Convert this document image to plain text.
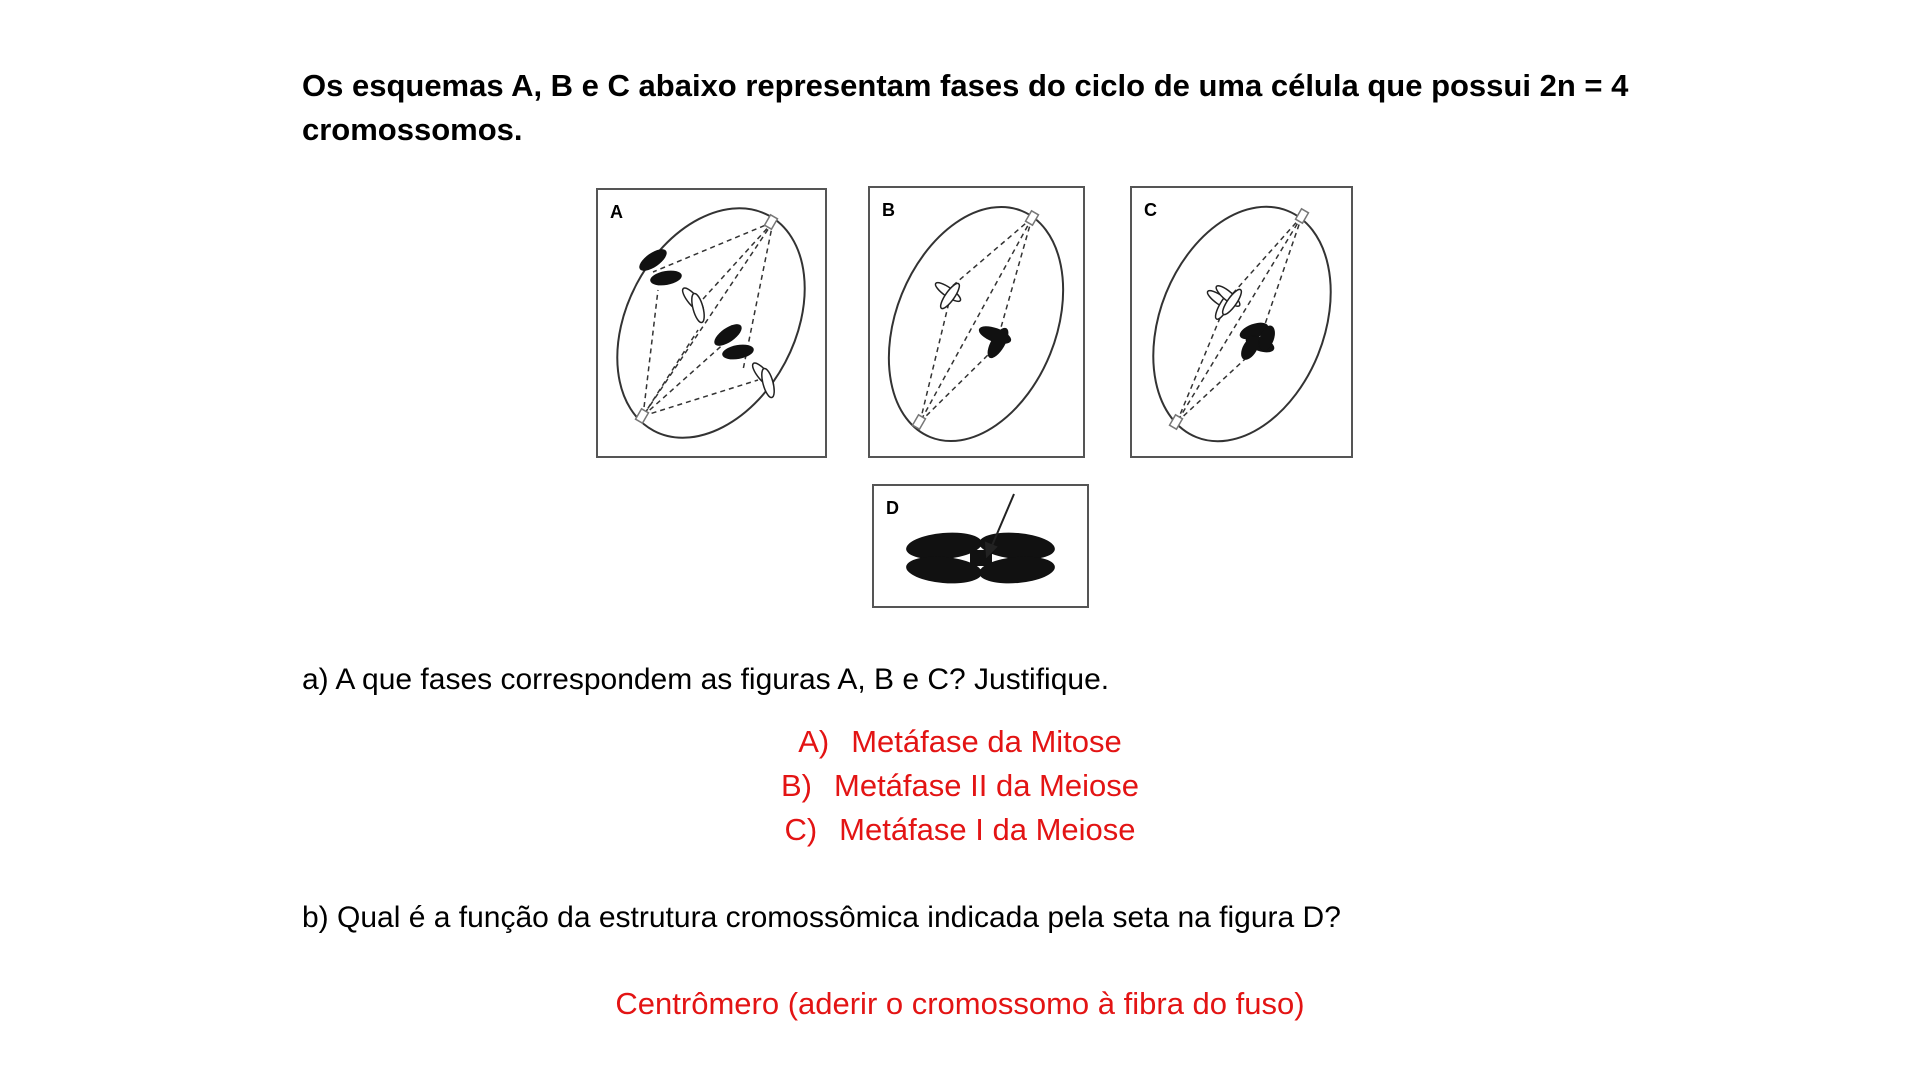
Os esquemas A, B e C abaixo representam fases do ciclo de uma célula que possui 2n = 4 cromossomos.

A	B	C
D

a) A que fases correspondem as figuras A, B e C? Justifique.

A) Metáfase da Mitose
B) Metáfase II da Meiose
C) Metáfase I da Meiose

b) Qual é a função da estrutura cromossômica indicada pela seta na figura D?

Centrômero (aderir o cromossomo à fibra do fuso)
